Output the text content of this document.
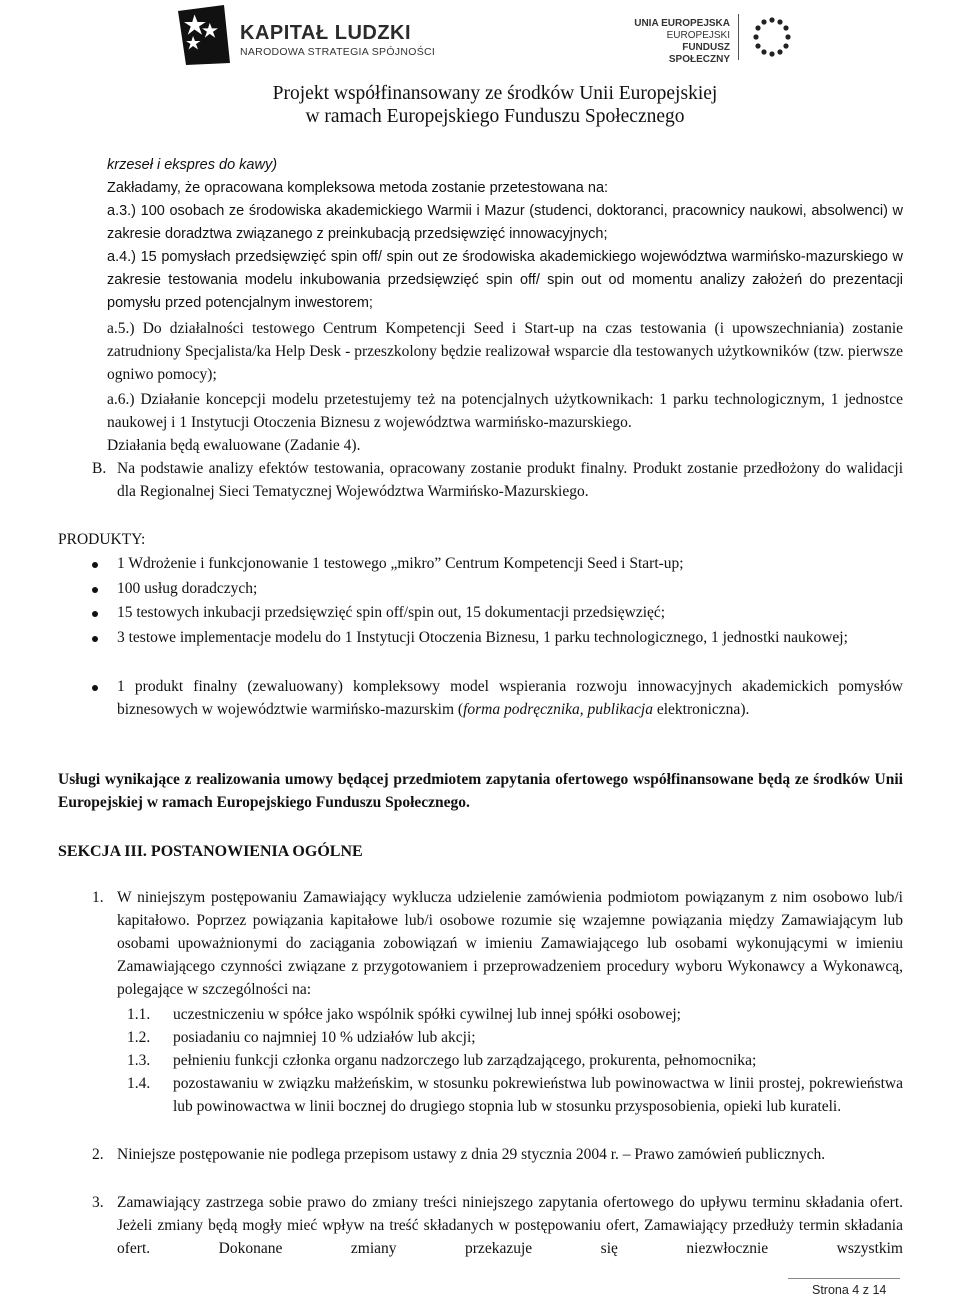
KAPITAŁ LUDZKI
NARODOWA STRATEGIA SPÓJNOŚCI
UNIA EUROPEJSKA
EUROPEJSKI
FUNDUSZ SPOŁECZNY
Projekt współfinansowany ze środków Unii Europejskiej
w ramach Europejskiego Funduszu Społecznego
krzeseł i ekspres do kawy)
Zakładamy, że opracowana kompleksowa metoda zostanie przetestowana na:
a.3.) 100 osobach ze środowiska akademickiego Warmii i Mazur (studenci, doktoranci, pracownicy naukowi, absolwenci) w zakresie doradztwa związanego z preinkubacją przedsięwzięć innowacyjnych;
a.4.) 15 pomysłach przedsięwzięć spin off/ spin out ze środowiska akademickiego województwa warmińsko-mazurskiego w zakresie testowania modelu inkubowania przedsięwzięć spin off/ spin out od momentu analizy założeń do prezentacji pomysłu przed potencjalnym inwestorem;
a.5.) Do działalności testowego Centrum Kompetencji Seed i Start-up na czas testowania (i upowszechniania) zostanie zatrudniony Specjalista/ka Help Desk - przeszkolony będzie realizował wsparcie dla testowanych użytkowników (tzw. pierwsze ogniwo pomocy);
a.6.) Działanie koncepcji modelu przetestujemy też na potencjalnych użytkownikach: 1 parku technologicznym, 1 jednostce naukowej i 1 Instytucji Otoczenia Biznesu z województwa warmińsko-mazurskiego.
Działania będą ewaluowane (Zadanie 4).
B. Na podstawie analizy efektów testowania, opracowany zostanie produkt finalny. Produkt zostanie przedłożony do walidacji dla Regionalnej Sieci Tematycznej Województwa Warmińsko-Mazurskiego.
PRODUKTY:
1 Wdrożenie i funkcjonowanie 1 testowego „mikro” Centrum Kompetencji Seed i Start-up;
100 usług doradczych;
15 testowych inkubacji przedsięwzięć spin off/spin out, 15 dokumentacji przedsięwzięć;
3 testowe implementacje modelu do 1 Instytucji Otoczenia Biznesu, 1 parku technologicznego, 1 jednostki naukowej;
1 produkt finalny (zewaluowany) kompleksowy model wspierania rozwoju innowacyjnych akademickich pomysłów biznesowych w województwie warmińsko-mazurskim (forma podręcznika, publikacja elektroniczna).
Usługi wynikające z realizowania umowy będącej przedmiotem zapytania ofertowego współfinansowane będą ze środków Unii Europejskiej w ramach Europejskiego Funduszu Społecznego.
SEKCJA III. POSTANOWIENIA OGÓLNE
1. W niniejszym postępowaniu Zamawiający wyklucza udzielenie zamówienia podmiotom powiązanym z nim osobowo lub/i kapitałowo. Poprzez powiązania kapitałowe lub/i osobowe rozumie się wzajemne powiązania między Zamawiającym lub osobami upoważnionymi do zaciągania zobowiązań w imieniu Zamawiającego lub osobami wykonującymi w imieniu Zamawiającego czynności związane z przygotowaniem i przeprowadzeniem procedury wyboru Wykonawcy a Wykonawcą, polegające w szczególności na:
1.1. uczestniczeniu w spółce jako wspólnik spółki cywilnej lub innej spółki osobowej;
1.2. posiadaniu co najmniej 10 % udziałów lub akcji;
1.3. pełnieniu funkcji członka organu nadzorczego lub zarządzającego, prokurenta, pełnomocnika;
1.4. pozostawaniu w związku małżeńskim, w stosunku pokrewieństwa lub powinowactwa w linii prostej, pokrewieństwa lub powinowactwa w linii bocznej do drugiego stopnia lub w stosunku przysposobienia, opieki lub kurateli.
2. Niniejsze postępowanie nie podlega przepisom ustawy z dnia 29 stycznia 2004 r. – Prawo zamówień publicznych.
3. Zamawiający zastrzega sobie prawo do zmiany treści niniejszego zapytania ofertowego do upływu terminu składania ofert. Jeżeli zmiany będą mogły mieć wpływ na treść składanych w postępowaniu ofert, Zamawiający przedłuży termin składania ofert. Dokonane zmiany przekazuje się niezwłocznie wszystkim
Strona 4 z 14
